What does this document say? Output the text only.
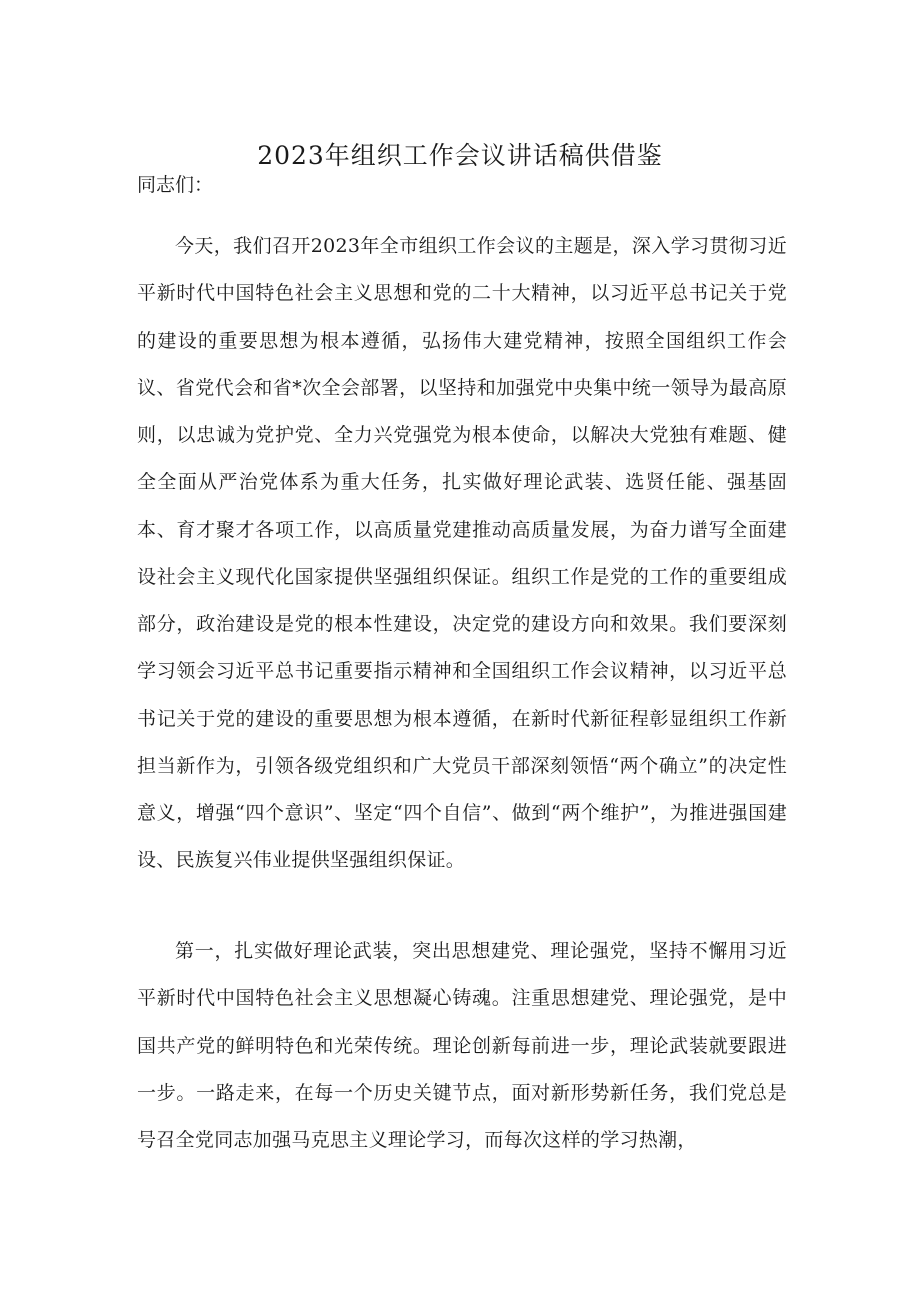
2023年组织工作会议讲话稿供借鉴

同志们：

今天，我们召开2023年全市组织工作会议的主题是，深入学习贯彻习近平新时代中国特色社会主义思想和党的二十大精神，以习近平总书记关于党的建设的重要思想为根本遵循，弘扬伟大建党精神，按照全国组织工作会议、省党代会和省*次全会部署，以坚持和加强党中央集中统一领导为最高原则，以忠诚为党护党、全力兴党强党为根本使命，以解决大党独有难题、健全全面从严治党体系为重大任务，扎实做好理论武装、选贤任能、强基固本、育才聚才各项工作，以高质量党建推动高质量发展，为奋力谱写全面建设社会主义现代化国家提供坚强组织保证。组织工作是党的工作的重要组成部分，政治建设是党的根本性建设，决定党的建设方向和效果。我们要深刻学习领会习近平总书记重要指示精神和全国组织工作会议精神，以习近平总书记关于党的建设的重要思想为根本遵循，在新时代新征程彰显组织工作新担当新作为，引领各级党组织和广大党员干部深刻领悟“两个确立”的决定性意义，增强“四个意识”、坚定“四个自信”、做到“两个维护”，为推进强国建设、民族复兴伟业提供坚强组织保证。

第一，扎实做好理论武装，突出思想建党、理论强党，坚持不懈用习近平新时代中国特色社会主义思想凝心铸魂。注重思想建党、理论强党，是中国共产党的鲜明特色和光荣传统。理论创新每前进一步，理论武装就要跟进一步。一路走来，在每一个历史关键节点，面对新形势新任务，我们党总是号召全党同志加强马克思主义理论学习，而每次这样的学习热潮，
